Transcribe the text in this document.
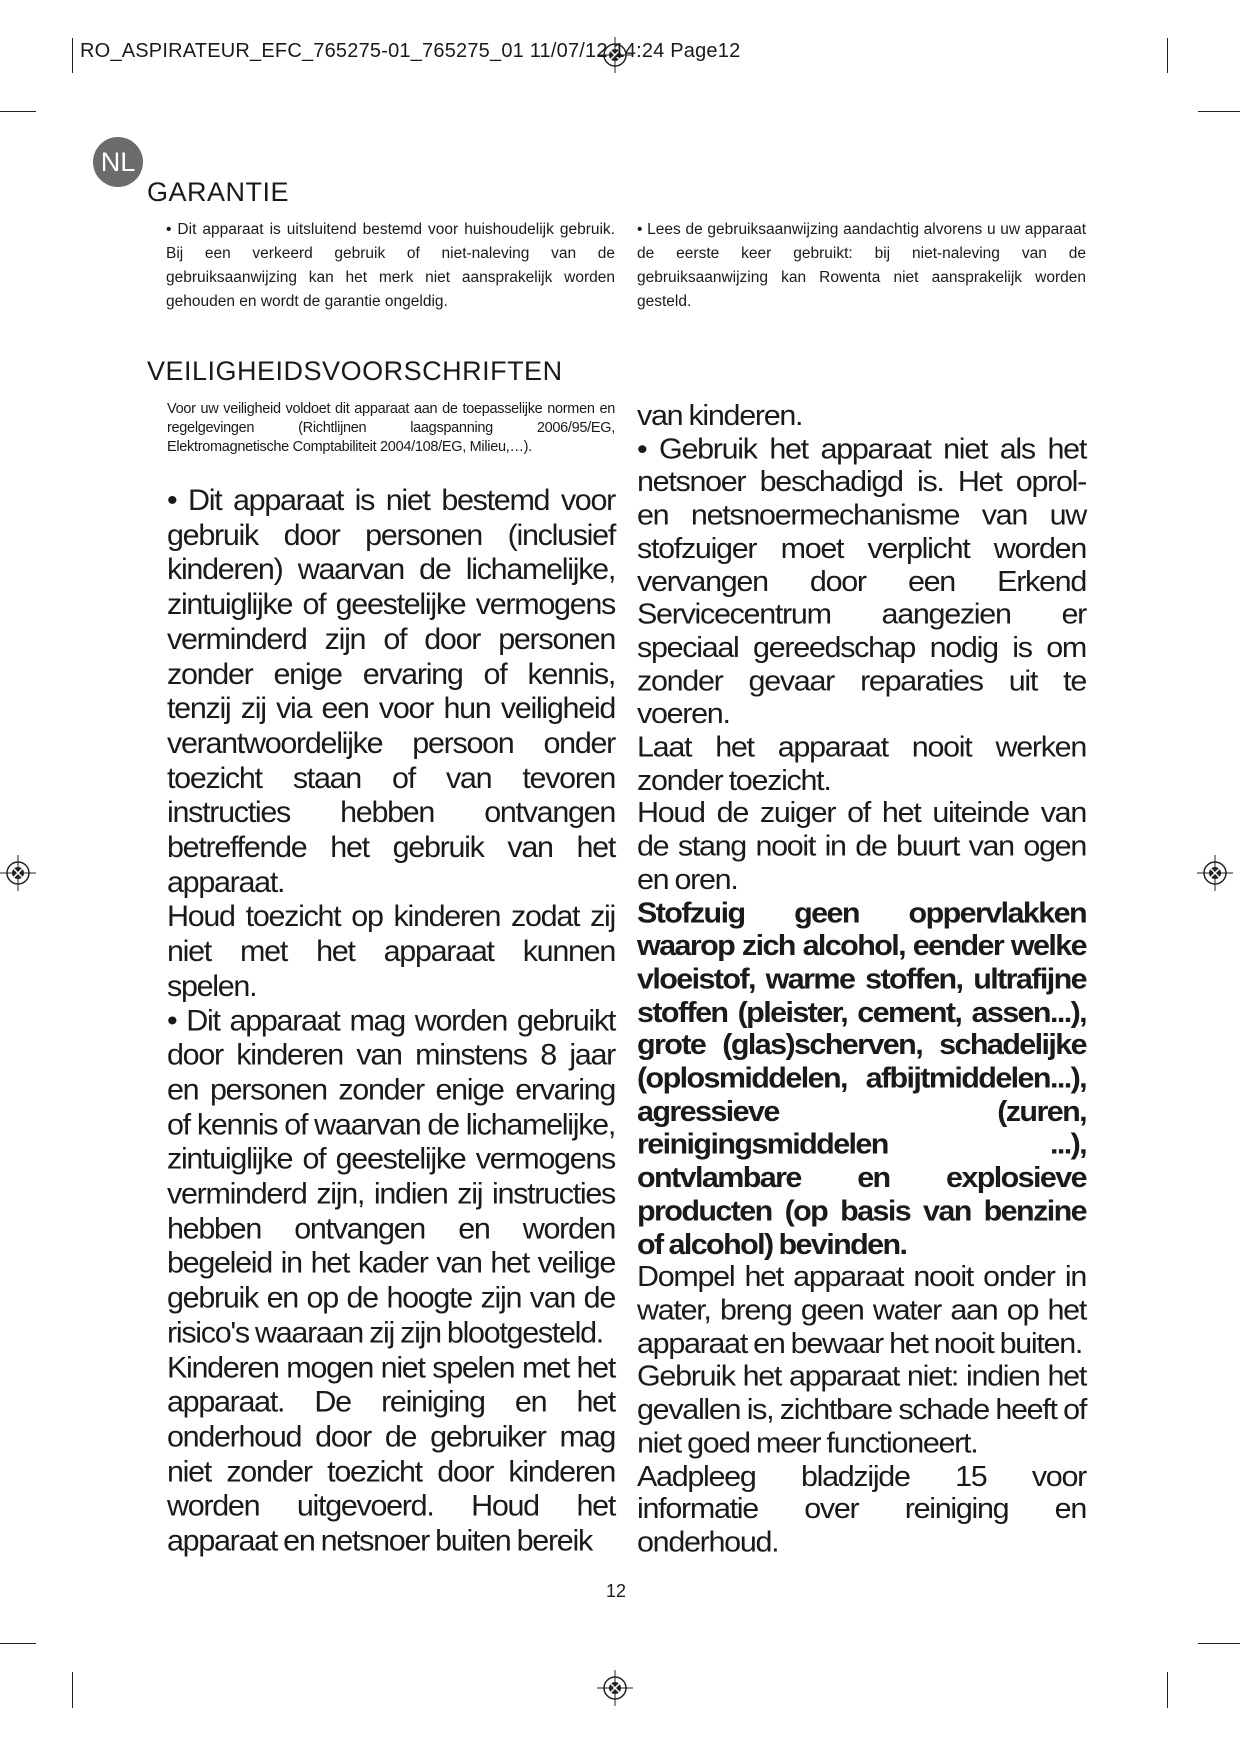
RO_ASPIRATEUR_EFC_765275-01_765275_01 11/07/12 14:24 Page12
NL
GARANTIE

• Dit apparaat is uitsluitend bestemd voor huishoudelijk gebruik. Bij een verkeerd gebruik of niet-naleving van de gebruiksaanwijzing kan het merk niet aansprakelijk worden gehouden en wordt de garantie ongeldig.

• Lees de gebruiksaanwijzing aandachtig alvorens u uw apparaat de eerste keer gebruikt: bij niet-naleving van de gebruiksaanwijzing kan Rowenta niet aansprakelijk worden gesteld.

VEILIGHEIDSVOORSCHRIFTEN

Voor uw veiligheid voldoet dit apparaat aan de toepasselijke normen en regelgevingen (Richtlijnen laagspanning 2006/95/EG, Elektromagnetische Comptabiliteit 2004/108/EG, Milieu,…).

• Dit apparaat is niet bestemd voor gebruik door personen (inclusief kinderen) waarvan de lichamelijke, zintuiglijke of geestelijke vermogens verminderd zijn of door personen zonder enige ervaring of kennis, tenzij zij via een voor hun veiligheid verantwoordelijke persoon onder toezicht staan of van tevoren instructies hebben ontvangen betreffende het gebruik van het apparaat.

Houd toezicht op kinderen zodat zij niet met het apparaat kunnen spelen.

• Dit apparaat mag worden gebruikt door kinderen van minstens 8 jaar en personen zonder enige ervaring of kennis of waarvan de lichamelijke, zintuiglijke of geestelijke vermogens verminderd zijn, indien zij instructies hebben ontvangen en worden begeleid in het kader van het veilige gebruik en op de hoogte zijn van de risico's waaraan zij zijn blootgesteld.

Kinderen mogen niet spelen met het apparaat. De reiniging en het onderhoud door de gebruiker mag niet zonder toezicht door kinderen worden uitgevoerd. Houd het apparaat en netsnoer buiten bereik

van kinderen.

• Gebruik het apparaat niet als het netsnoer beschadigd is. Het oprol- en netsnoermechanisme van uw stofzuiger moet verplicht worden vervangen door een Erkend Servicecentrum aangezien er speciaal gereedschap nodig is om zonder gevaar reparaties uit te voeren.

Laat het apparaat nooit werken zonder toezicht.

Houd de zuiger of het uiteinde van de stang nooit in de buurt van ogen en oren.

Stofzuig geen oppervlakken waarop zich alcohol, eender welke vloeistof, warme stoffen, ultrafijne stoffen (pleister, cement, assen...), grote (glas)scherven, schadelijke (oplosmiddelen, afbijtmiddelen...), agressieve (zuren, reinigingsmiddelen ...), ontvlambare en explosieve producten (op basis van benzine of alcohol) bevinden.

Dompel het apparaat nooit onder in water, breng geen water aan op het apparaat en bewaar het nooit buiten.

Gebruik het apparaat niet: indien het gevallen is, zichtbare schade heeft of niet goed meer functioneert.

Aadpleeg bladzijde 15 voor informatie over reiniging en onderhoud.

12
